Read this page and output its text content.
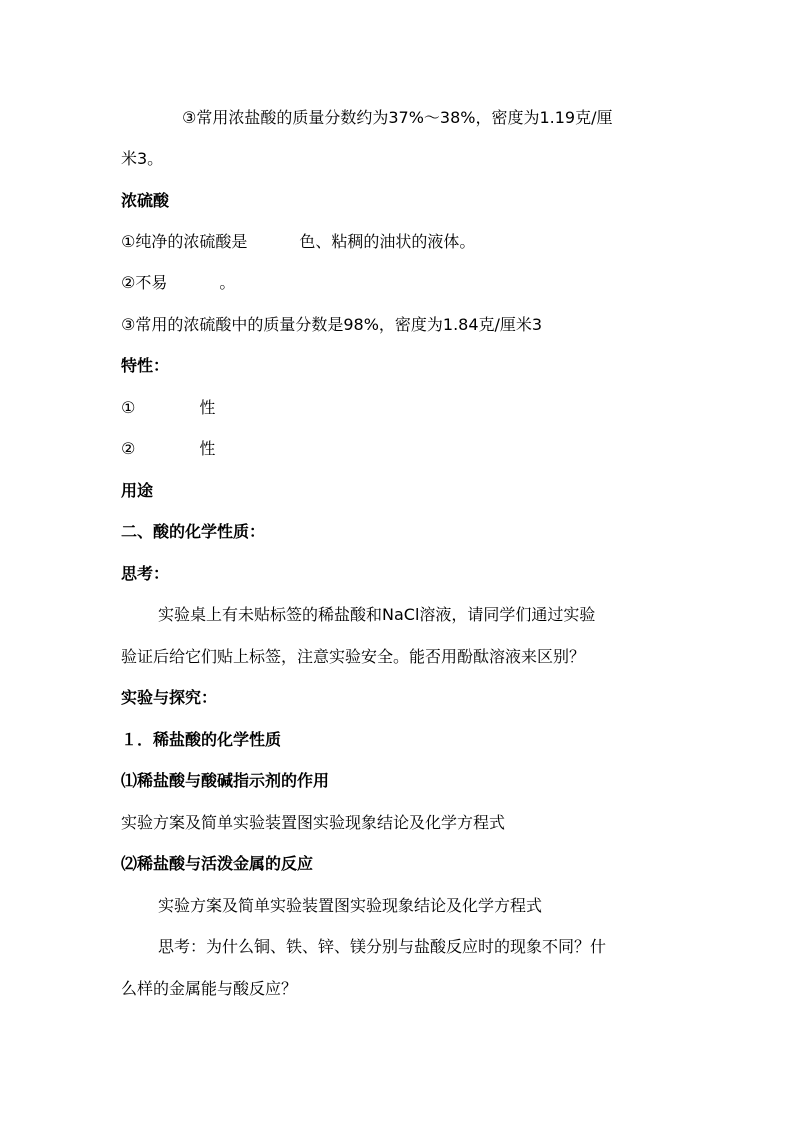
③常用浓盐酸的质量分数约为37%～38%，密度为1.19克/厘
米3。
浓硫酸
①纯净的浓硫酸是	色、粘稠的油状的液体。
②不易	。
③常用的浓硫酸中的质量分数是98%，密度为1.84克/厘米3
特性：
①	性
②	性
用途
二、酸的化学性质：
思考：
实验桌上有未贴标签的稀盐酸和NaCl溶液，请同学们通过实验
验证后给它们贴上标签，注意实验安全。能否用酚酞溶液来区别？
实验与探究：
１．稀盐酸的化学性质
⑴稀盐酸与酸碱指示剂的作用
实验方案及简单实验装置图实验现象结论及化学方程式
⑵稀盐酸与活泼金属的反应
实验方案及简单实验装置图实验现象结论及化学方程式
思考：为什么铜、铁、锌、镁分别与盐酸反应时的现象不同？什
么样的金属能与酸反应？
